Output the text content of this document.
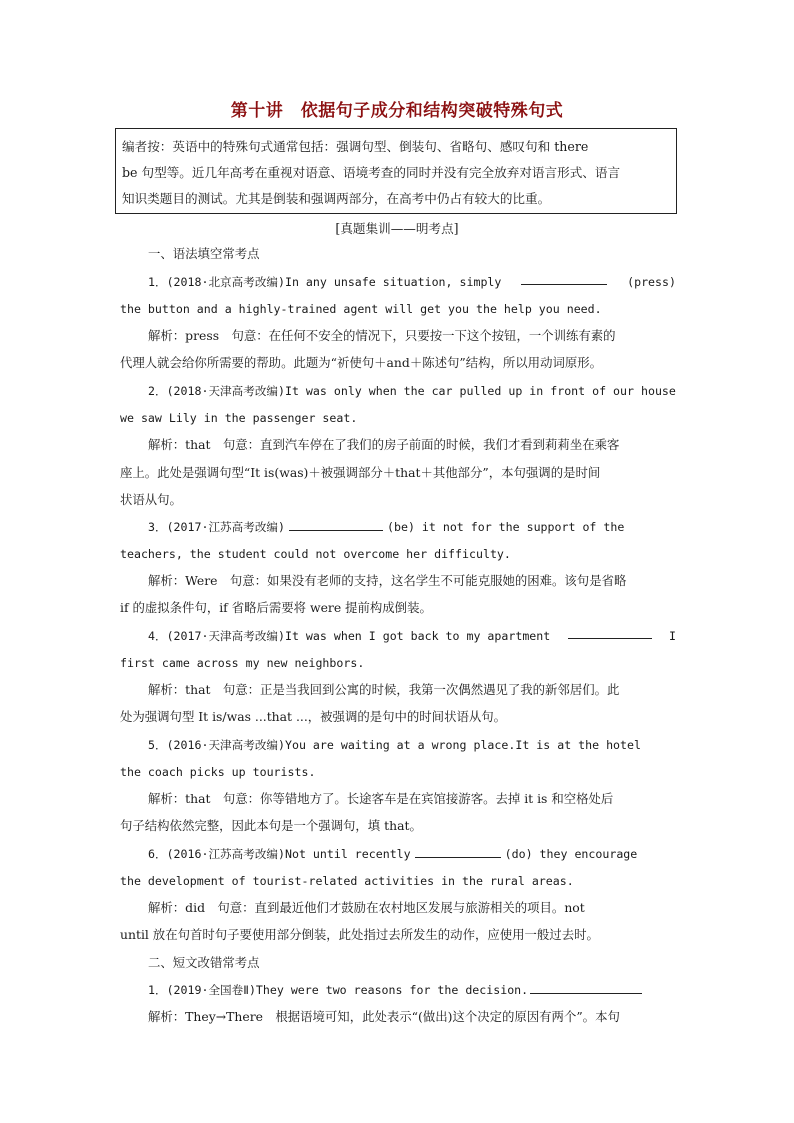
第十讲　依据句子成分和结构突破特殊句式
编者按：英语中的特殊句式通常包括：强调句型、倒装句、省略句、感叹句和 there
be 句型等。近几年高考在重视对语意、语境考查的同时并没有完全放弃对语言形式、语言
知识类题目的测试。尤其是倒装和强调两部分，在高考中仍占有较大的比重。
[真题集训——明考点]
一、语法填空常考点
1．(2018·北京高考改编)In any unsafe situation, simply	(press)
the button and a highly-trained agent will get you the help you need.
解析：press　句意：在任何不安全的情况下，只要按一下这个按钮，一个训练有素的
代理人就会给你所需要的帮助。此题为“祈使句＋and＋陈述句”结构，所以用动词原形。
2．(2018·天津高考改编)It was only when the car pulled up in front of our house
we saw Lily in the passenger seat.
解析：that　句意：直到汽车停在了我们的房子前面的时候，我们才看到莉莉坐在乘客
座上。此处是强调句型“It is(was)＋被强调部分＋that＋其他部分”，本句强调的是时间
状语从句。
3．(2017·江苏高考改编)	(be) it not for the support of the
teachers, the student could not overcome her difficulty.
解析：Were　句意：如果没有老师的支持，这名学生不可能克服她的困难。该句是省略
if 的虚拟条件句，if 省略后需要将 were 提前构成倒装。
4．(2017·天津高考改编)It was when I got back to my apartment	I
first came across my new neighbors.
解析：that　句意：正是当我回到公寓的时候，我第一次偶然遇见了我的新邻居们。此
处为强调句型 It is/was ...that ...，被强调的是句中的时间状语从句。
5．(2016·天津高考改编)You are waiting at a wrong place.It is at the hotel
the coach picks up tourists.
解析：that　句意：你等错地方了。长途客车是在宾馆接游客。去掉 it is 和空格处后
句子结构依然完整，因此本句是一个强调句，填 that。
6．(2016·江苏高考改编)Not until recently	(do) they encourage
the development of tourist-related activities in the rural areas.
解析：did　句意：直到最近他们才鼓励在农村地区发展与旅游相关的项目。not
until 放在句首时句子要使用部分倒装，此处指过去所发生的动作，应使用一般过去时。
二、短文改错常考点
1．(2019·全国卷Ⅱ)They were two reasons for the decision.
解析：They→There　根据语境可知，此处表示“(做出)这个决定的原因有两个”。本句
